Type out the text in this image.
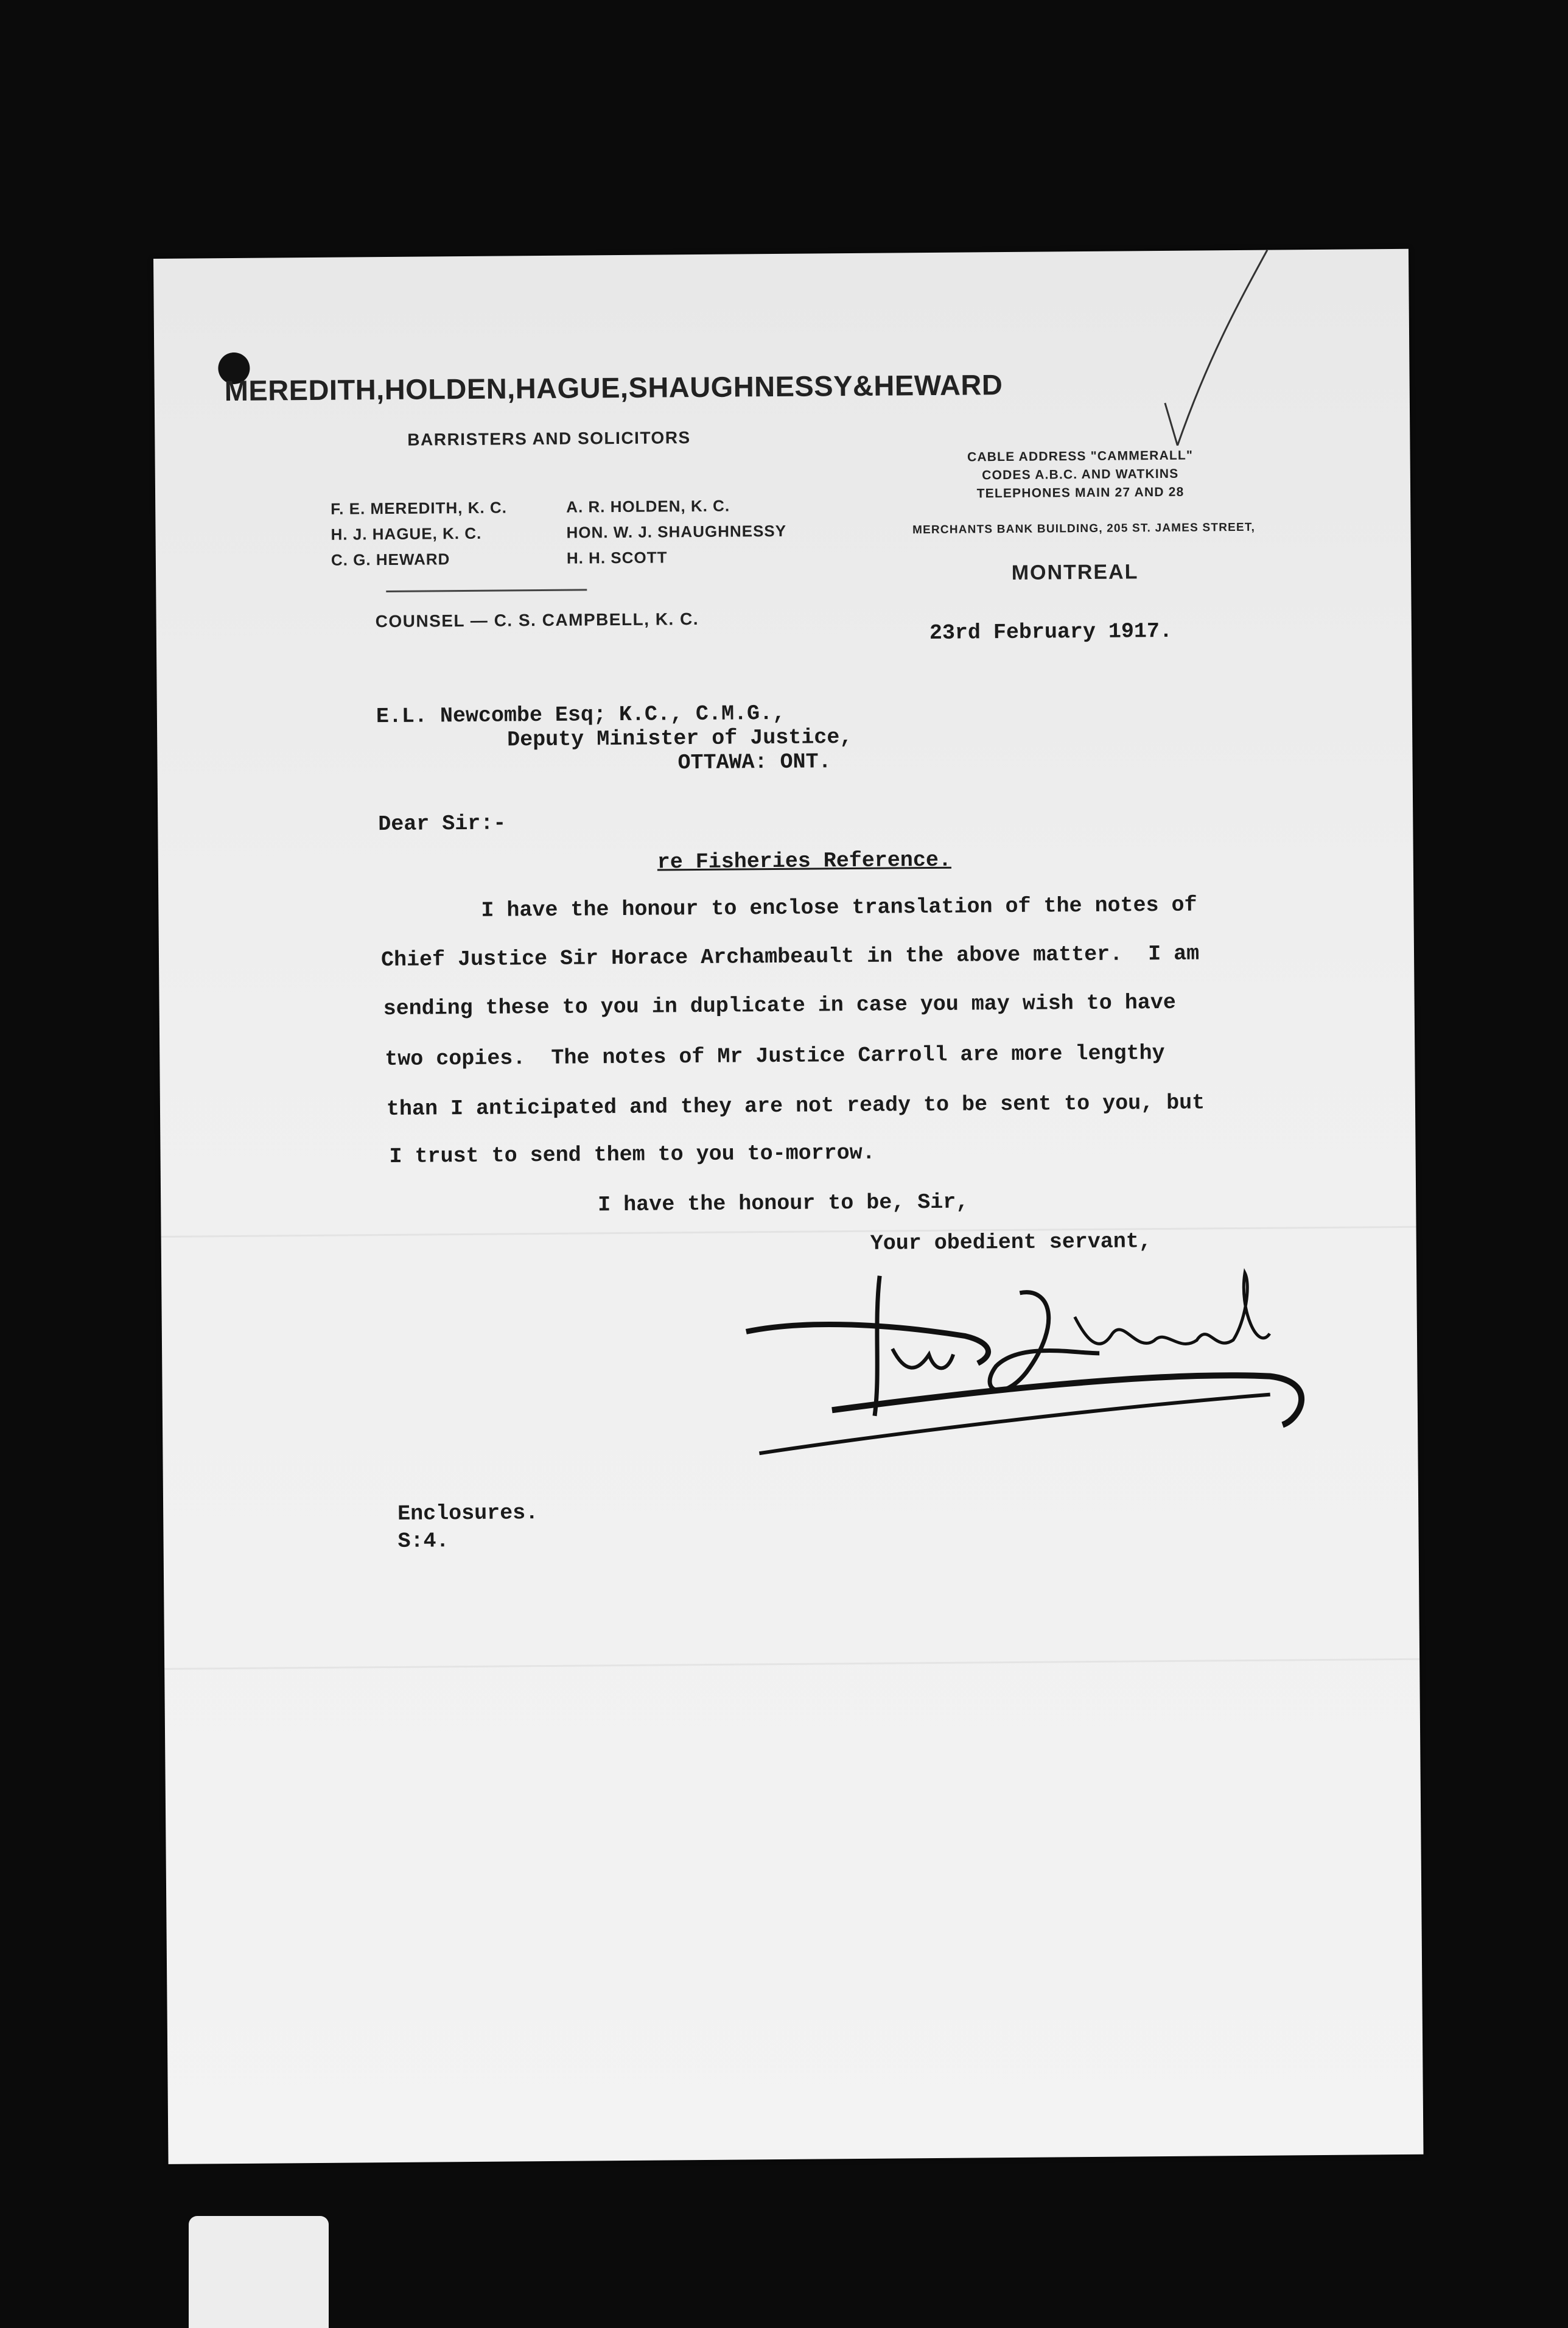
MEREDITH,HOLDEN,HAGUE,SHAUGHNESSY&HEWARD
BARRISTERS AND SOLICITORS
F. E. MEREDITH, K. C.
H. J. HAGUE, K. C.
C. G. HEWARD
A. R. HOLDEN, K. C.
HON. W. J. SHAUGHNESSY
H. H. SCOTT
COUNSEL — C. S. CAMPBELL, K. C.
CABLE ADDRESS "CAMMERALL"
CODES A.B.C. AND WATKINS
TELEPHONES MAIN 27 AND 28
MERCHANTS BANK BUILDING, 205 ST. JAMES STREET,
MONTREAL
23rd February 1917.
E.L. Newcombe Esq; K.C., C.M.G.,
Deputy Minister of Justice,
OTTAWA: ONT.
Dear Sir:-
re Fisheries Reference.
I have the honour to enclose translation of the notes of
Chief Justice Sir Horace Archambeault in the above matter.  I am
sending these to you in duplicate in case you may wish to have
two copies.  The notes of Mr Justice Carroll are more lengthy
than I anticipated and they are not ready to be sent to you, but
I trust to send them to you to-morrow.
I have the honour to be, Sir,
Your obedient servant,
Enclosures.
S:4.
